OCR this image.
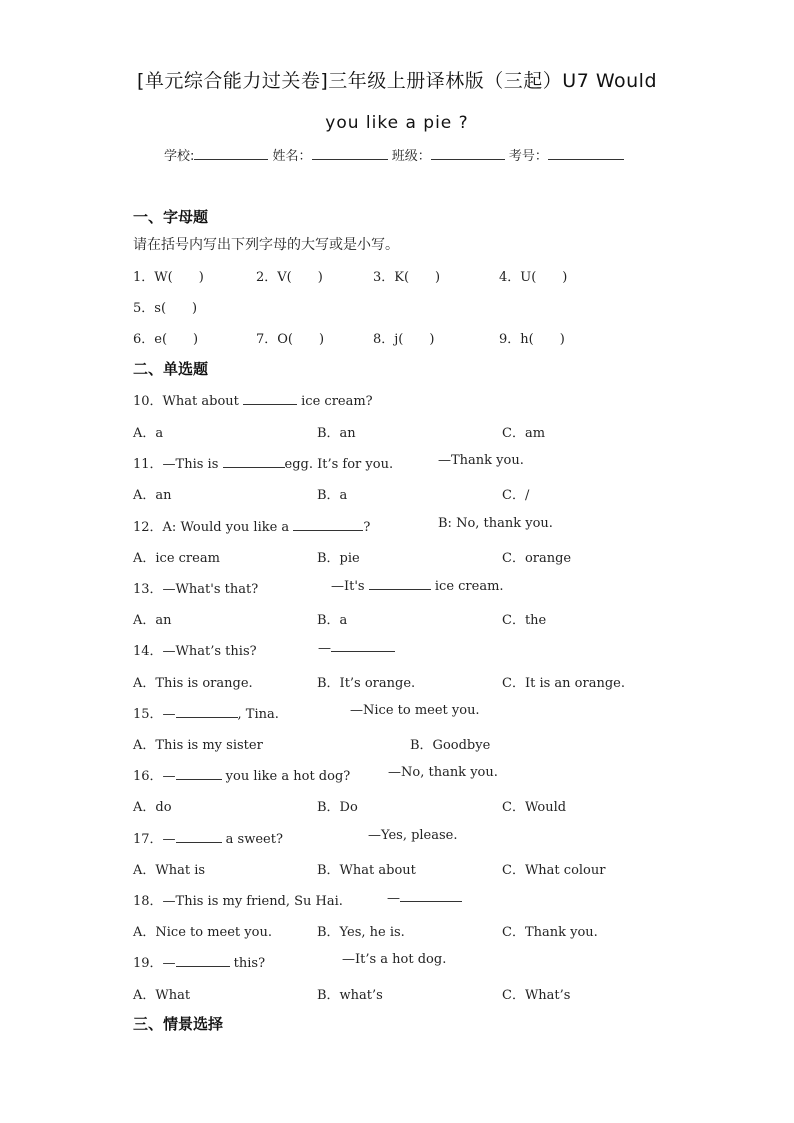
[单元综合能力过关卷]三年级上册译林版（三起）U7 Would
you like a pie ?
学校:	姓名：	班级：	考号：
一、字母题
请在括号内写出下列字母的大写或是小写。
1．W(　　)	2．V(　　)	3．K(　　)	4．U(　　)
5．s(　　)
6．e(　　)	7．O(　　)	8．j(　　)	9．h(　　)
二、单选题
10．What about	ice cream?
A．a	B．an	C．am
11．—This is	egg. It’s for you.	—Thank you.
A．an	B．a	C．/
12．A: Would you like a	?	B: No, thank you.
A．ice cream	B．pie	C．orange
13．—What's that?	—It's	ice cream.
A．an	B．a	C．the
14．—What’s this?	—
A．This is orange.	B．It’s orange.	C．It is an orange.
15．—	, Tina.	—Nice to meet you.
A．This is my sister	B．Goodbye
16．—	you like a hot dog?	—No, thank you.
A．do	B．Do	C．Would
17．—	a sweet?	—Yes, please.
A．What is	B．What about	C．What colour
18．—This is my friend, Su Hai.	—
A．Nice to meet you.	B．Yes, he is.	C．Thank you.
19．—	this?	—It’s a hot dog.
A．What	B．what’s	C．What’s
三、情景选择
